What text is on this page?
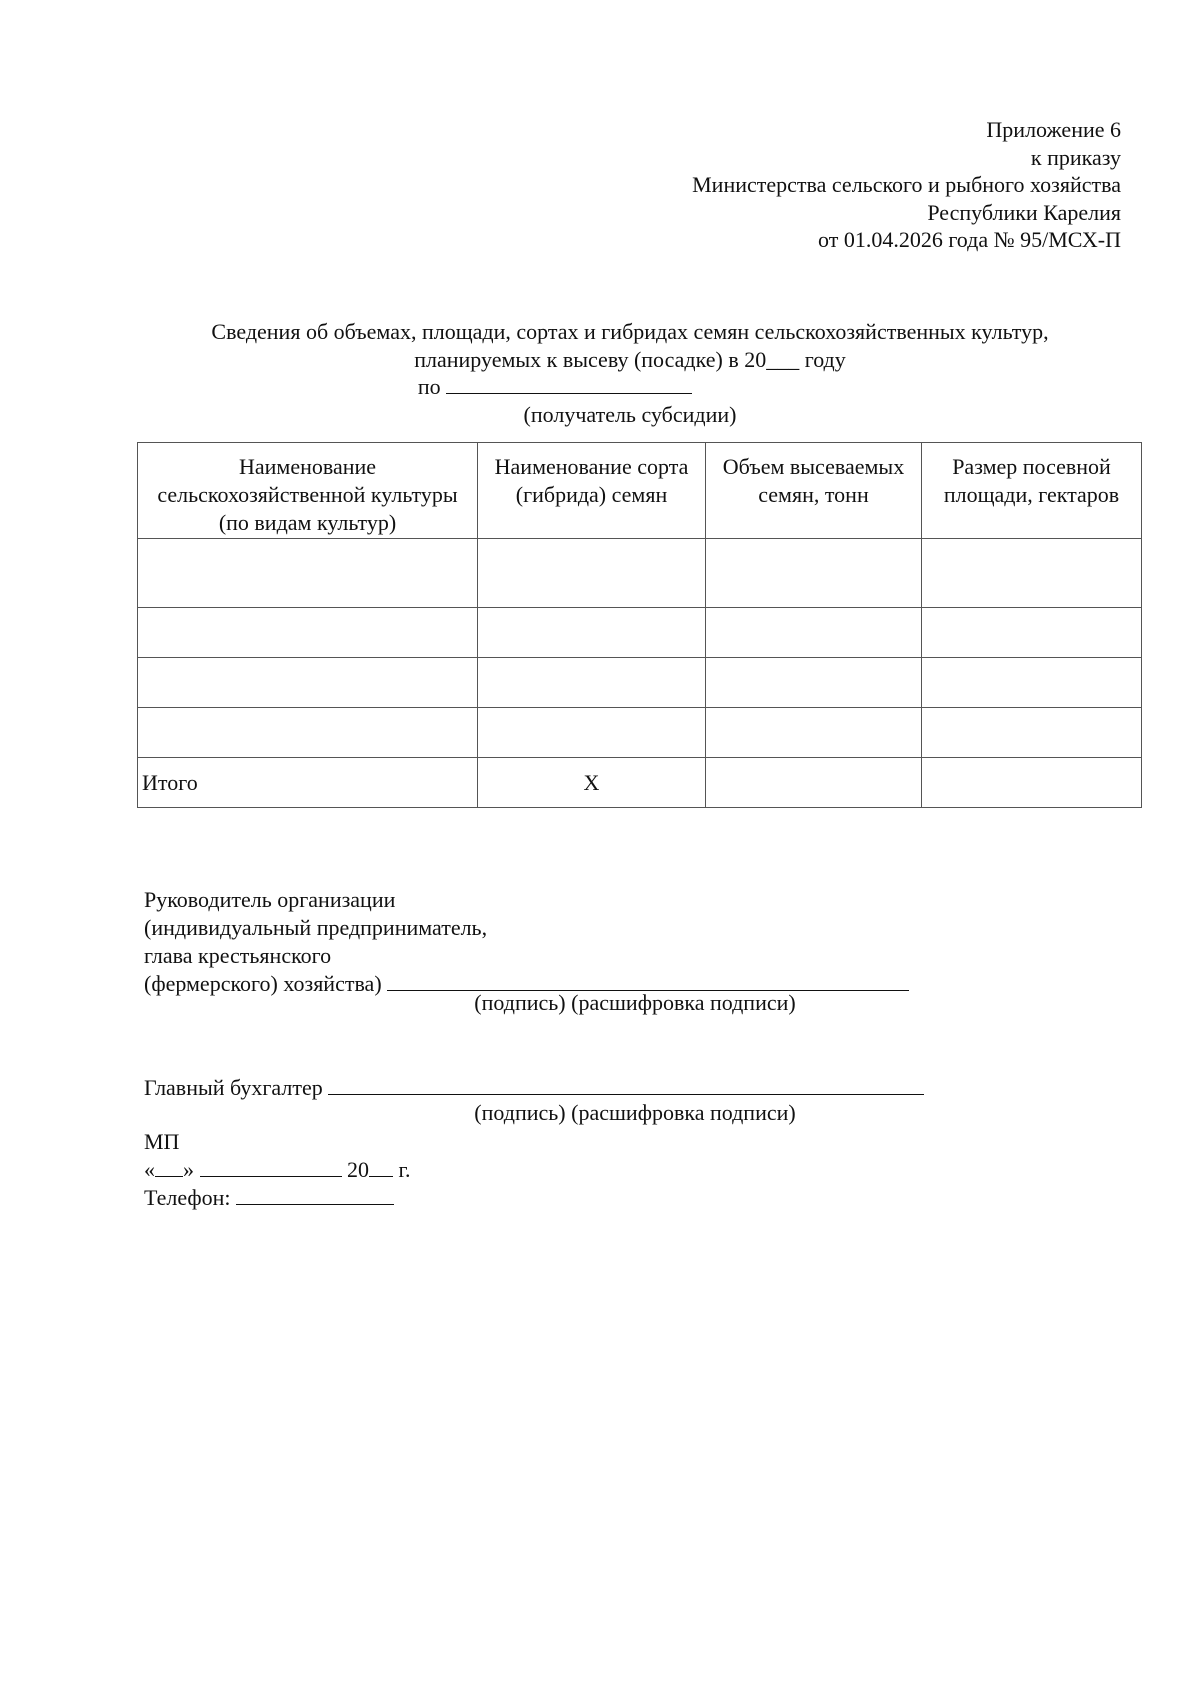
Приложение 6
к приказу
Министерства сельского и рыбного хозяйства
Республики Карелия
от 01.04.2026 года № 95/МСХ-П
Сведения об объемах, площади, сортах и гибридах семян сельскохозяйственных культур,
планируемых к высеву (посадке) в 20___ году
по
(получатель субсидии)
Наименование сельскохозяйственной культуры (по видам культур)	Наименование сорта (гибрида) семян	Объем высеваемых семян, тонн	Размер посевной площади, гектаров

Итого	X		
Руководитель организации
(индивидуальный предприниматель,
глава крестьянского
(фермерского) хозяйства)
(подпись) (расшифровка подписи)
Главный бухгалтер
(подпись) (расшифровка подписи)
МП
« »	20 г.
Телефон:
